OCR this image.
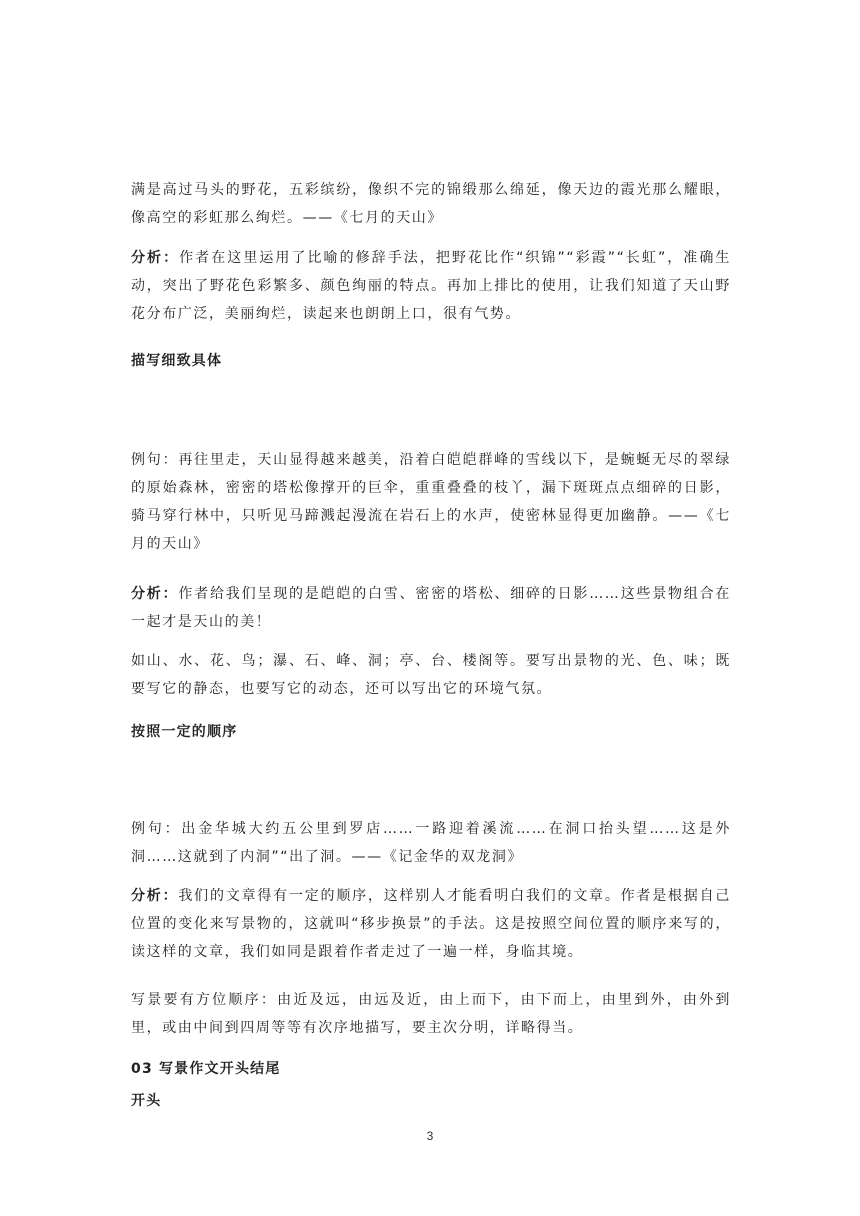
满是高过马头的野花，五彩缤纷，像织不完的锦缎那么绵延，像天边的霞光那么耀眼，像高空的彩虹那么绚烂。——《七月的天山》

分析：作者在这里运用了比喻的修辞手法，把野花比作“织锦”“彩霞”“长虹”，准确生动，突出了野花色彩繁多、颜色绚丽的特点。再加上排比的使用，让我们知道了天山野花分布广泛，美丽绚烂，读起来也朗朗上口，很有气势。

描写细致具体

例句：再往里走，天山显得越来越美，沿着白皑皑群峰的雪线以下，是蜿蜒无尽的翠绿的原始森林，密密的塔松像撑开的巨伞，重重叠叠的枝丫，漏下斑斑点点细碎的日影，骑马穿行林中，只听见马蹄溅起漫流在岩石上的水声，使密林显得更加幽静。——《七月的天山》

分析：作者给我们呈现的是皑皑的白雪、密密的塔松、细碎的日影……这些景物组合在一起才是天山的美！

如山、水、花、鸟；瀑、石、峰、洞；亭、台、楼阁等。要写出景物的光、色、味；既要写它的静态，也要写它的动态，还可以写出它的环境气氛。

按照一定的顺序

例句：出金华城大约五公里到罗店……一路迎着溪流……在洞口抬头望……这是外洞……这就到了内洞”“出了洞。——《记金华的双龙洞》

分析：我们的文章得有一定的顺序，这样别人才能看明白我们的文章。作者是根据自己位置的变化来写景物的，这就叫“移步换景”的手法。这是按照空间位置的顺序来写的，读这样的文章，我们如同是跟着作者走过了一遍一样，身临其境。

写景要有方位顺序：由近及远，由远及近，由上而下，由下而上，由里到外，由外到里，或由中间到四周等等有次序地描写，要主次分明，详略得当。

03 写景作文开头结尾

开头

3
